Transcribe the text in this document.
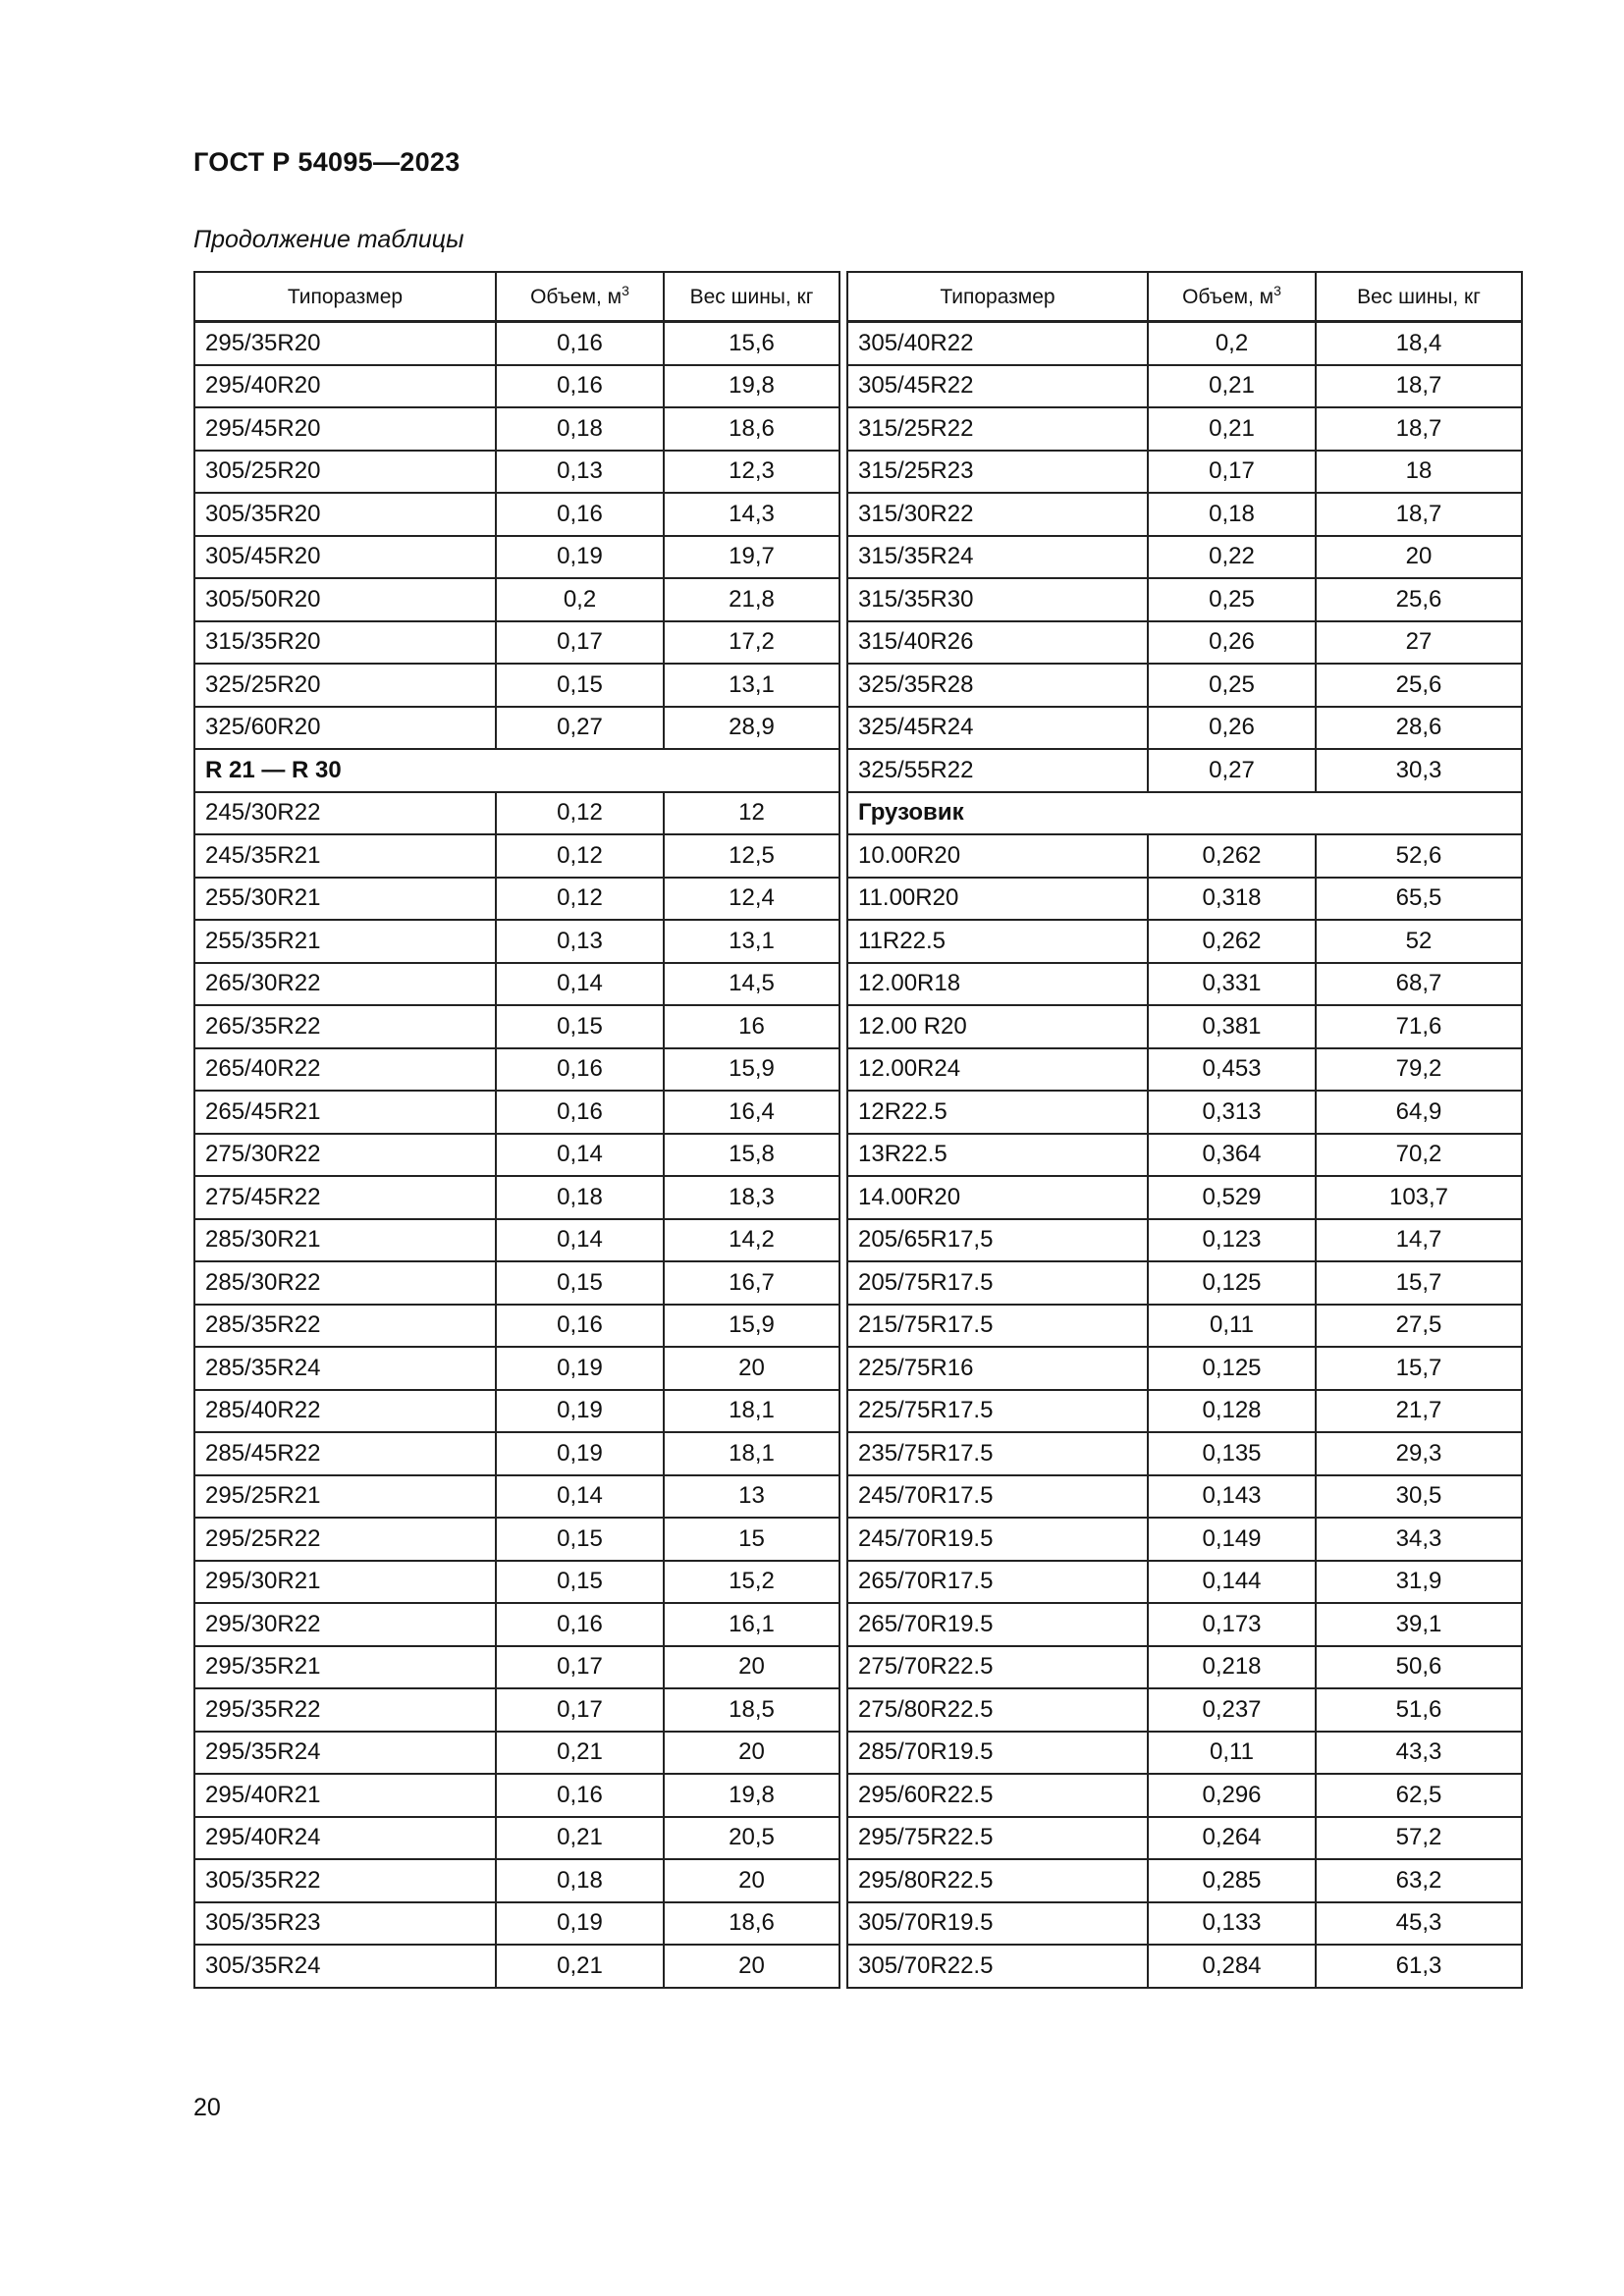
ГОСТ Р 54095—2023
Продолжение таблицы
Типоразмер	Объем, $м^3$	Вес шины, кг
295/35R20	0,16	15,6
295/40R20	0,16	19,8
295/45R20	0,18	18,6
305/25R20	0,13	12,3
305/35R20	0,16	14,3
305/45R20	0,19	19,7
305/50R20	0,2	21,8
315/35R20	0,17	17,2
325/25R20	0,15	13,1
325/60R20	0,27	28,9
R 21 — R 30		
245/30R22	0,12	12
245/35R21	0,12	12,5
255/30R21	0,12	12,4
255/35R21	0,13	13,1
265/30R22	0,14	14,5
265/35R22	0,15	16
265/40R22	0,16	15,9
265/45R21	0,16	16,4
275/30R22	0,14	15,8
275/45R22	0,18	18,3
285/30R21	0,14	14,2
285/30R22	0,15	16,7
285/35R22	0,16	15,9
285/35R24	0,19	20
285/40R22	0,19	18,1
285/45R22	0,19	18,1
295/25R21	0,14	13
295/25R22	0,15	15
295/30R21	0,15	15,2
295/30R22	0,16	16,1
295/35R21	0,17	20
295/35R22	0,17	18,5
295/35R24	0,21	20
295/40R21	0,16	19,8
295/40R24	0,21	20,5
305/35R22	0,18	20
305/35R23	0,19	18,6
305/35R24	0,21	20
Типоразмер	Объем, $м^3$	Вес шины, кг
305/40R22	0,2	18,4
305/45R22	0,21	18,7
315/25R22	0,21	18,7
315/25R23	0,17	18
315/30R22	0,18	18,7
315/35R24	0,22	20
315/35R30	0,25	25,6
315/40R26	0,26	27
325/35R28	0,25	25,6
325/45R24	0,26	28,6
325/55R22	0,27	30,3
Грузовик		
10.00R20	0,262	52,6
11.00R20	0,318	65,5
11R22.5	0,262	52
12.00R18	0,331	68,7
12.00 R20	0,381	71,6
12.00R24	0,453	79,2
12R22.5	0,313	64,9
13R22.5	0,364	70,2
14.00R20	0,529	103,7
205/65R17,5	0,123	14,7
205/75R17.5	0,125	15,7
215/75R17.5	0,11	27,5
225/75R16	0,125	15,7
225/75R17.5	0,128	21,7
235/75R17.5	0,135	29,3
245/70R17.5	0,143	30,5
245/70R19.5	0,149	34,3
265/70R17.5	0,144	31,9
265/70R19.5	0,173	39,1
275/70R22.5	0,218	50,6
275/80R22.5	0,237	51,6
285/70R19.5	0,11	43,3
295/60R22.5	0,296	62,5
295/75R22.5	0,264	57,2
295/80R22.5	0,285	63,2
305/70R19.5	0,133	45,3
305/70R22.5	0,284	61,3
20
